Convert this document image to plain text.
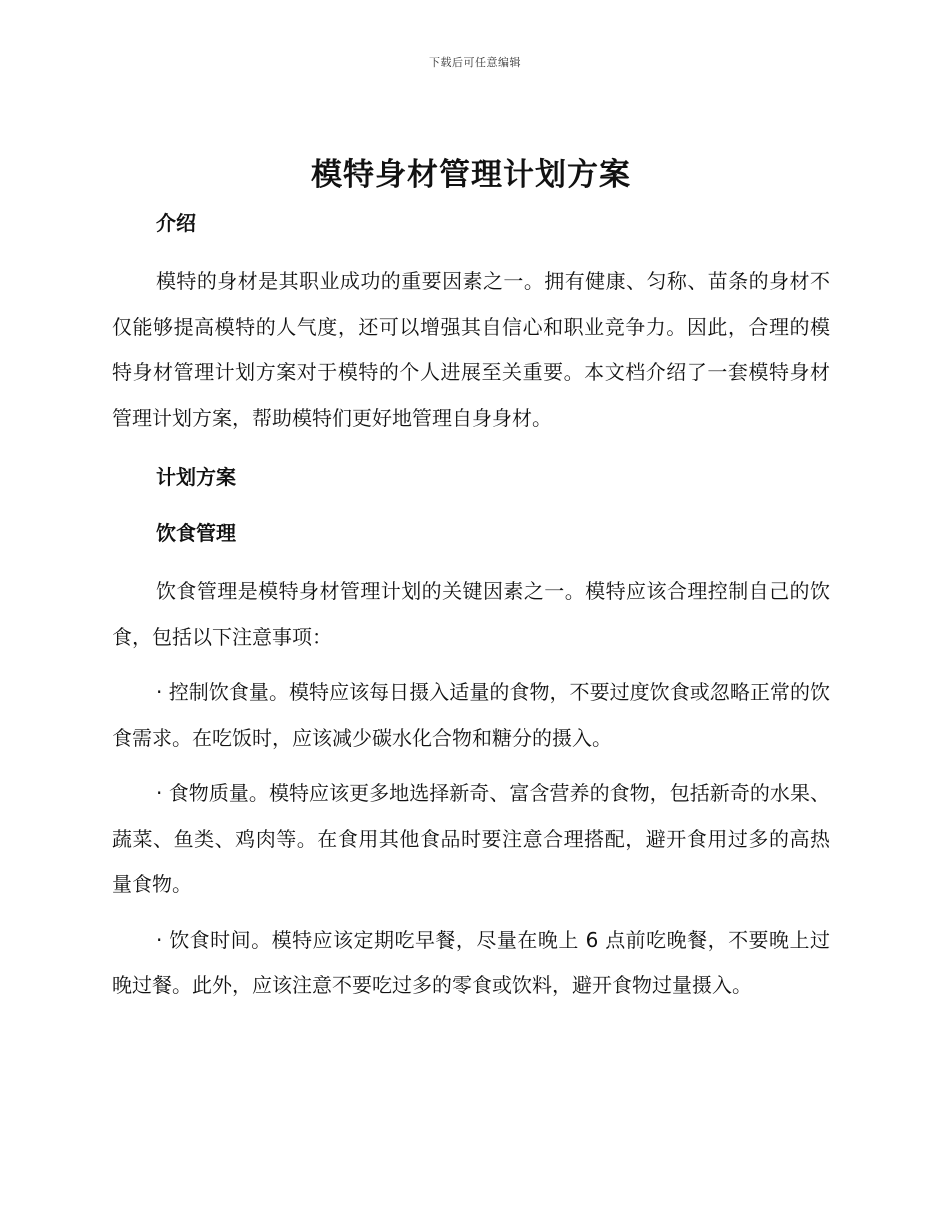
下载后可任意编辑
模特身材管理计划方案
介绍

模特的身材是其职业成功的重要因素之一。拥有健康、匀称、苗条的身材不仅能够提高模特的人气度，还可以增强其自信心和职业竞争力。因此，合理的模特身材管理计划方案对于模特的个人进展至关重要。本文档介绍了一套模特身材管理计划方案，帮助模特们更好地管理自身身材。

计划方案
饮食管理

饮食管理是模特身材管理计划的关键因素之一。模特应该合理控制自己的饮食，包括以下注意事项：

· 控制饮食量。模特应该每日摄入适量的食物，不要过度饮食或忽略正常的饮食需求。在吃饭时，应该减少碳水化合物和糖分的摄入。

· 食物质量。模特应该更多地选择新奇、富含营养的食物，包括新奇的水果、蔬菜、鱼类、鸡肉等。在食用其他食品时要注意合理搭配，避开食用过多的高热量食物。

· 饮食时间。模特应该定期吃早餐，尽量在晚上 6 点前吃晚餐，不要晚上过晚过餐。此外，应该注意不要吃过多的零食或饮料，避开食物过量摄入。
